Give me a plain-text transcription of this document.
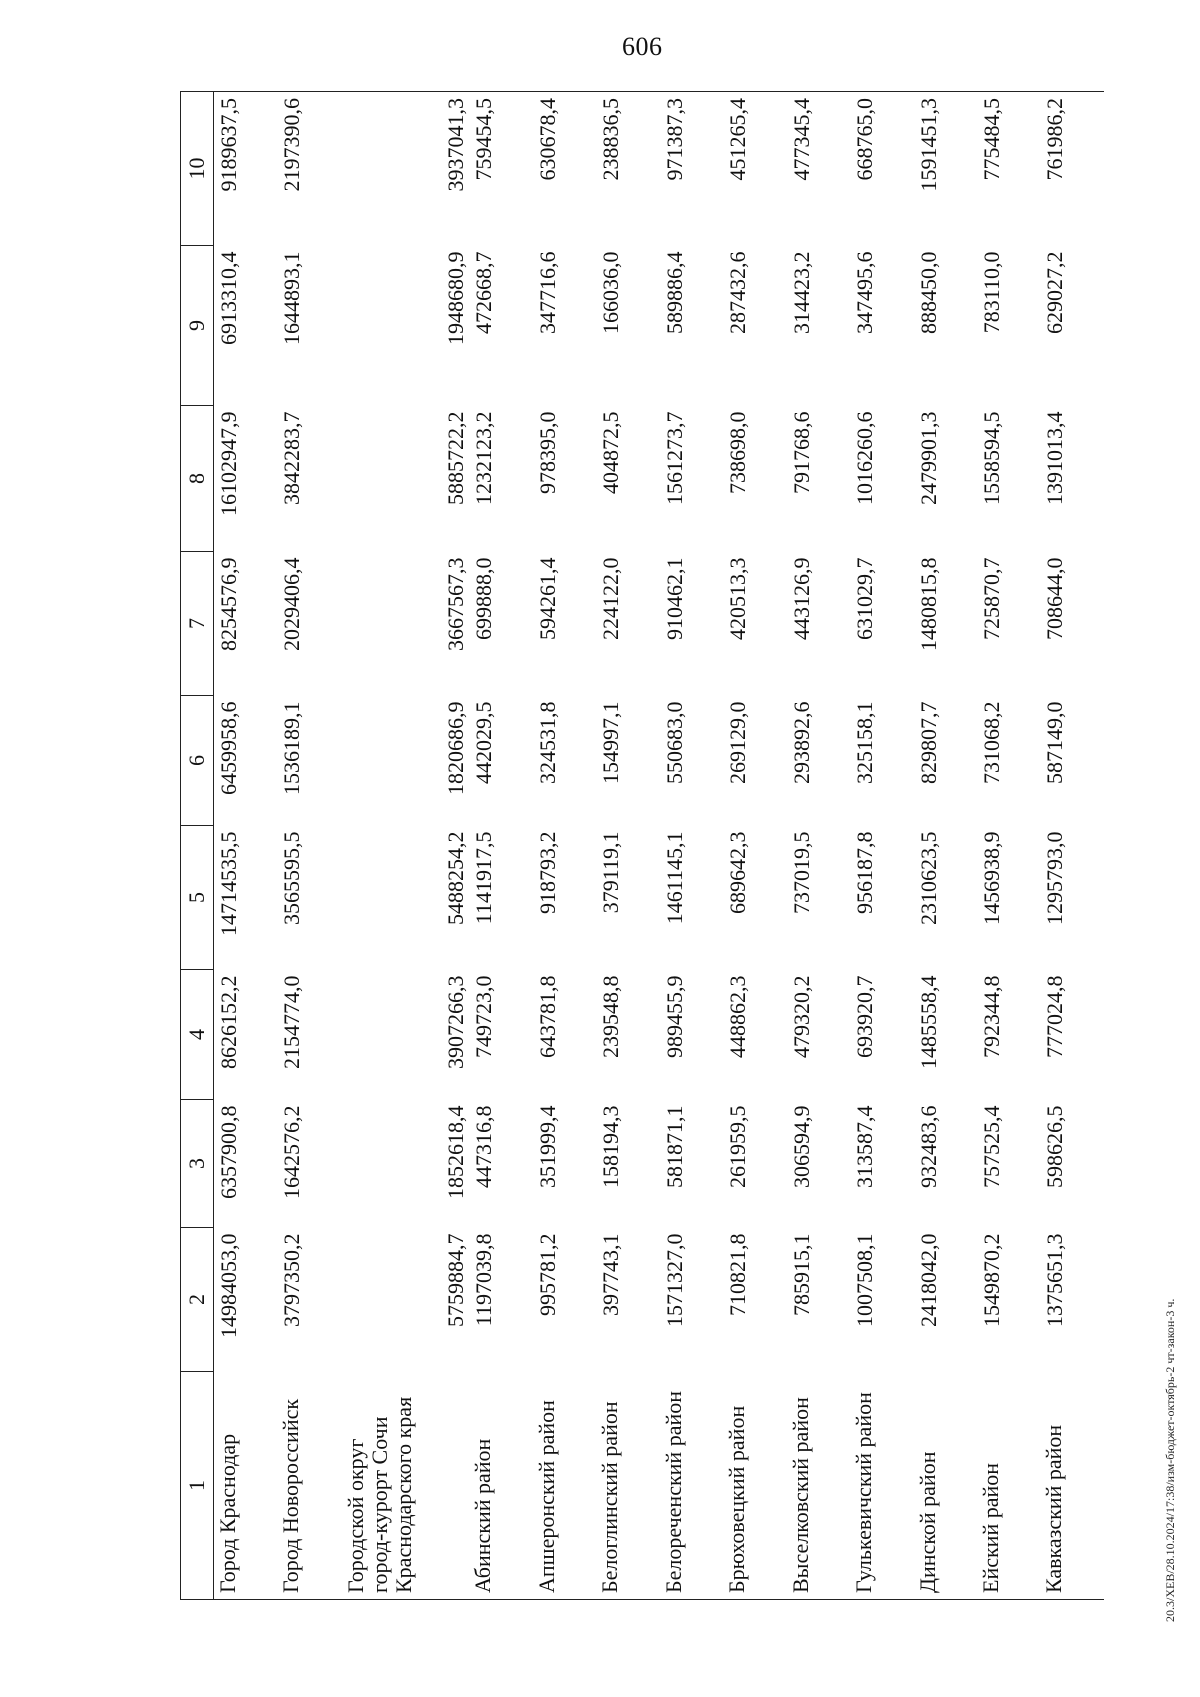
606
1	2	3	4	5	6	7	8	9	10
Город Краснодар	14984053,0	6357900,8	8626152,2	14714535,5	6459958,6	8254576,9	16102947,9	6913310,4	9189637,5
Город Новороссийск	3797350,2	1642576,2	2154774,0	3565595,5	1536189,1	2029406,4	3842283,7	1644893,1	2197390,6
Городской округ город-курорт Сочи Краснодарского края	5759884,7	1852618,4	3907266,3	5488254,2	1820686,9	3667567,3	5885722,2	1948680,9	3937041,3
Абинский район	1197039,8	447316,8	749723,0	1141917,5	442029,5	699888,0	1232123,2	472668,7	759454,5
Апшеронский район	995781,2	351999,4	643781,8	918793,2	324531,8	594261,4	978395,0	347716,6	630678,4
Белоглинский район	397743,1	158194,3	239548,8	379119,1	154997,1	224122,0	404872,5	166036,0	238836,5
Белореченский район	1571327,0	581871,1	989455,9	1461145,1	550683,0	910462,1	1561273,7	589886,4	971387,3
Брюховецкий район	710821,8	261959,5	448862,3	689642,3	269129,0	420513,3	738698,0	287432,6	451265,4
Выселковский район	785915,1	306594,9	479320,2	737019,5	293892,6	443126,9	791768,6	314423,2	477345,4
Гулькевичский район	1007508,1	313587,4	693920,7	956187,8	325158,1	631029,7	1016260,6	347495,6	668765,0
Динской район	2418042,0	932483,6	1485558,4	2310623,5	829807,7	1480815,8	2479901,3	888450,0	1591451,3
Ейский район	1549870,2	757525,4	792344,8	1456938,9	731068,2	725870,7	1558594,5	783110,0	775484,5
Кавказский район	1375651,3	598626,5	777024,8	1295793,0	587149,0	708644,0	1391013,4	629027,2	761986,2
20.3/ХЕВ/28.10.2024/17:38/изм-бюджет-октябрь-2 чт-закон-3 ч.
